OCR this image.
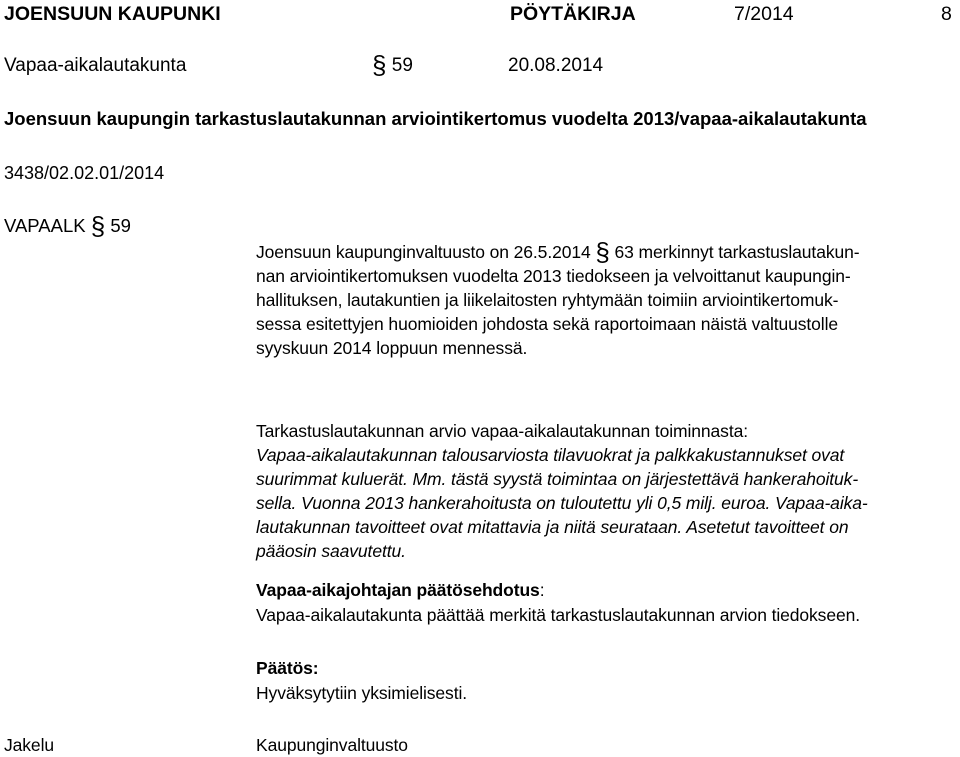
JOENSUUN KAUPUNKI	PÖYTÄKIRJA	7/2014	8
Vapaa-aikalautakunta	§ 59	20.08.2014
Joensuun kaupungin tarkastuslautakunnan arviointikertomus vuodelta 2013/vapaa-aikalautakunta
3438/02.02.01/2014
VAPAALK § 59
Joensuun kaupunginvaltuusto on 26.5.2014 § 63 merkinnyt tarkastuslautakun-
nan arviointikertomuksen vuodelta 2013 tiedokseen ja velvoittanut kaupungin-
hallituksen, lautakuntien ja liikelaitosten ryhtymään toimiin arviointikertomuk-
sessa esitettyjen huomioiden johdosta sekä raportoimaan näistä valtuustolle
syyskuun 2014 loppuun mennessä.
Tarkastuslautakunnan arvio vapaa-aikalautakunnan toiminnasta:
Vapaa-aikalautakunnan talousarviosta tilavuokrat ja palkkakustannukset ovat
suurimmat kuluerät. Mm. tästä syystä toimintaa on järjestettävä hankerahoituk-
sella. Vuonna 2013 hankerahoitusta on tuloutettu yli 0,5 milj. euroa. Vapaa-aika-
lautakunnan tavoitteet ovat mitattavia ja niitä seurataan. Asetetut tavoitteet on
pääosin saavutettu.
Vapaa-aikajohtajan päätösehdotus:
Vapaa-aikalautakunta päättää merkitä tarkastuslautakunnan arvion tiedokseen.
Päätös:
Hyväksytytiin yksimielisesti.
Jakelu	Kaupunginvaltuusto
